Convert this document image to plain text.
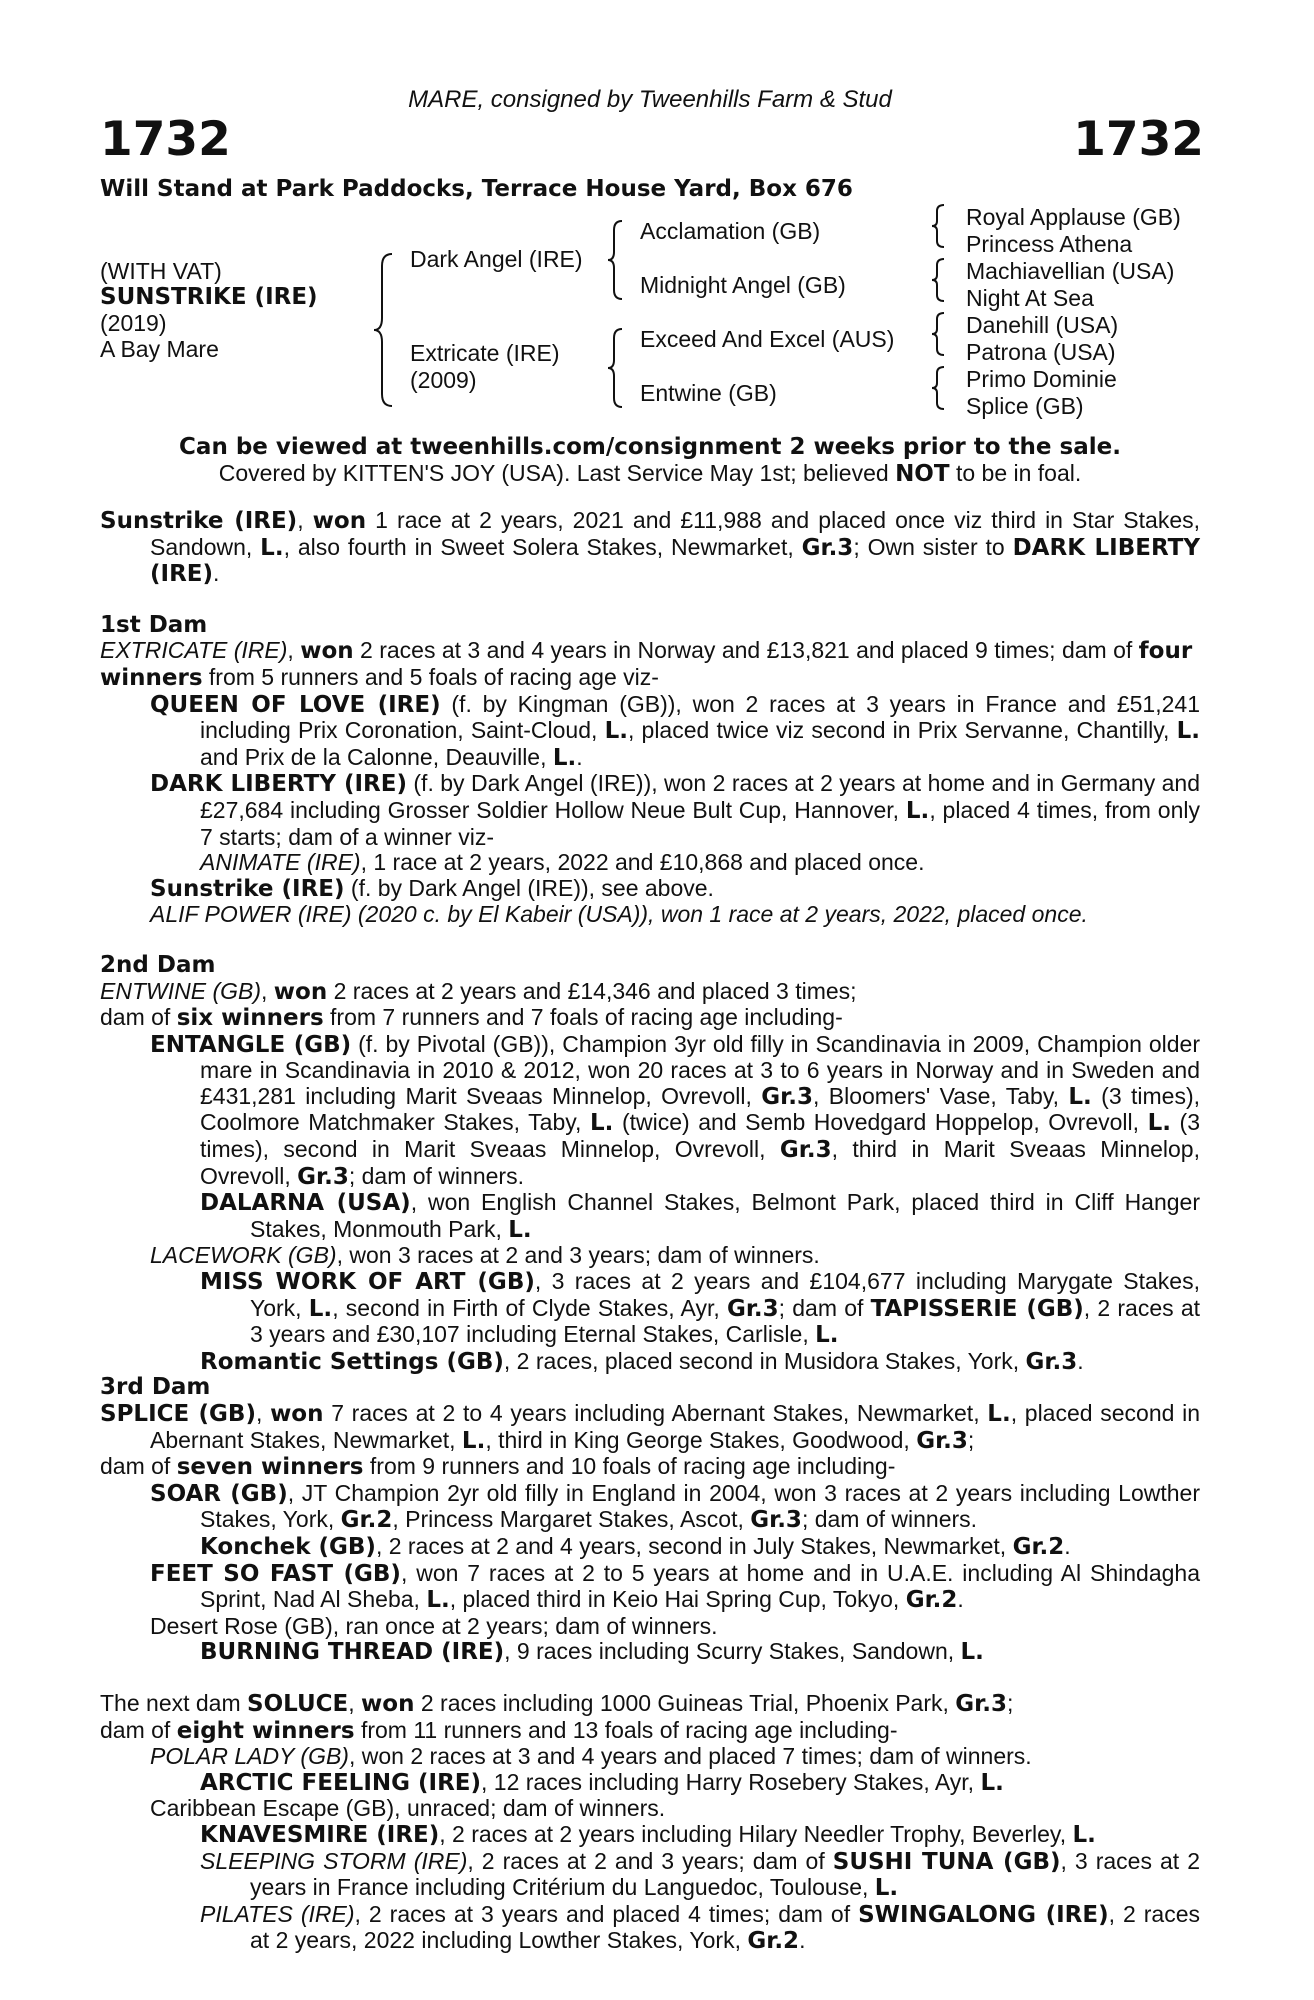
MARE, consigned by Tweenhills Farm & Stud
1732	1732
Will Stand at Park Paddocks, Terrace House Yard, Box 676
(WITH VAT)
SUNSTRIKE (IRE)
(2019)
A Bay Mare
Dark Angel (IRE)
Extricate (IRE)
(2009)
Acclamation (GB)
Midnight Angel (GB)
Exceed And Excel (AUS)
Entwine (GB)
Royal Applause (GB)
Princess Athena
Machiavellian (USA)
Night At Sea
Danehill (USA)
Patrona (USA)
Primo Dominie
Splice (GB)
Can be viewed at tweenhills.com/consignment 2 weeks prior to the sale.
Covered by KITTEN'S JOY (USA). Last Service May 1st; believed NOT to be in foal.

Sunstrike (IRE), won 1 race at 2 years, 2021 and £11,988 and placed once viz third in Star Stakes, Sandown, L., also fourth in Sweet Solera Stakes, Newmarket, Gr.3; Own sister to DARK LIBERTY (IRE).

1st Dam

EXTRICATE (IRE), won 2 races at 3 and 4 years in Norway and £13,821 and placed 9 times; dam of four winners from 5 runners and 5 foals of racing age viz-

QUEEN OF LOVE (IRE) (f. by Kingman (GB)), won 2 races at 3 years in France and £51,241 including Prix Coronation, Saint-Cloud, L., placed twice viz second in Prix Servanne, Chantilly, L. and Prix de la Calonne, Deauville, L..

DARK LIBERTY (IRE) (f. by Dark Angel (IRE)), won 2 races at 2 years at home and in Germany and £27,684 including Grosser Soldier Hollow Neue Bult Cup, Hannover, L., placed 4 times, from only 7 starts; dam of a winner viz-

ANIMATE (IRE), 1 race at 2 years, 2022 and £10,868 and placed once.

Sunstrike (IRE) (f. by Dark Angel (IRE)), see above.

ALIF POWER (IRE) (2020 c. by El Kabeir (USA)), won 1 race at 2 years, 2022, placed once.

2nd Dam

ENTWINE (GB), won 2 races at 2 years and £14,346 and placed 3 times;

dam of six winners from 7 runners and 7 foals of racing age including-

ENTANGLE (GB) (f. by Pivotal (GB)), Champion 3yr old filly in Scandinavia in 2009, Champion older mare in Scandinavia in 2010 & 2012, won 20 races at 3 to 6 years in Norway and in Sweden and £431,281 including Marit Sveaas Minnelop, Ovrevoll, Gr.3, Bloomers' Vase, Taby, L. (3 times), Coolmore Matchmaker Stakes, Taby, L. (twice) and Semb Hovedgard Hoppelop, Ovrevoll, L. (3 times), second in Marit Sveaas Minnelop, Ovrevoll, Gr.3, third in Marit Sveaas Minnelop, Ovrevoll, Gr.3; dam of winners.

DALARNA (USA), won English Channel Stakes, Belmont Park, placed third in Cliff Hanger Stakes, Monmouth Park, L.

LACEWORK (GB), won 3 races at 2 and 3 years; dam of winners.

MISS WORK OF ART (GB), 3 races at 2 years and £104,677 including Marygate Stakes, York, L., second in Firth of Clyde Stakes, Ayr, Gr.3; dam of TAPISSERIE (GB), 2 races at 3 years and £30,107 including Eternal Stakes, Carlisle, L.

Romantic Settings (GB), 2 races, placed second in Musidora Stakes, York, Gr.3.

3rd Dam

SPLICE (GB), won 7 races at 2 to 4 years including Abernant Stakes, Newmarket, L., placed second in Abernant Stakes, Newmarket, L., third in King George Stakes, Goodwood, Gr.3;

dam of seven winners from 9 runners and 10 foals of racing age including-

SOAR (GB), JT Champion 2yr old filly in England in 2004, won 3 races at 2 years including Lowther Stakes, York, Gr.2, Princess Margaret Stakes, Ascot, Gr.3; dam of winners.

Konchek (GB), 2 races at 2 and 4 years, second in July Stakes, Newmarket, Gr.2.

FEET SO FAST (GB), won 7 races at 2 to 5 years at home and in U.A.E. including Al Shindagha Sprint, Nad Al Sheba, L., placed third in Keio Hai Spring Cup, Tokyo, Gr.2.

Desert Rose (GB), ran once at 2 years; dam of winners.

BURNING THREAD (IRE), 9 races including Scurry Stakes, Sandown, L.

The next dam SOLUCE, won 2 races including 1000 Guineas Trial, Phoenix Park, Gr.3;

dam of eight winners from 11 runners and 13 foals of racing age including-

POLAR LADY (GB), won 2 races at 3 and 4 years and placed 7 times; dam of winners.

ARCTIC FEELING (IRE), 12 races including Harry Rosebery Stakes, Ayr, L.

Caribbean Escape (GB), unraced; dam of winners.

KNAVESMIRE (IRE), 2 races at 2 years including Hilary Needler Trophy, Beverley, L.

SLEEPING STORM (IRE), 2 races at 2 and 3 years; dam of SUSHI TUNA (GB), 3 races at 2 years in France including Critérium du Languedoc, Toulouse, L.

PILATES (IRE), 2 races at 3 years and placed 4 times; dam of SWINGALONG (IRE), 2 races at 2 years, 2022 including Lowther Stakes, York, Gr.2.
